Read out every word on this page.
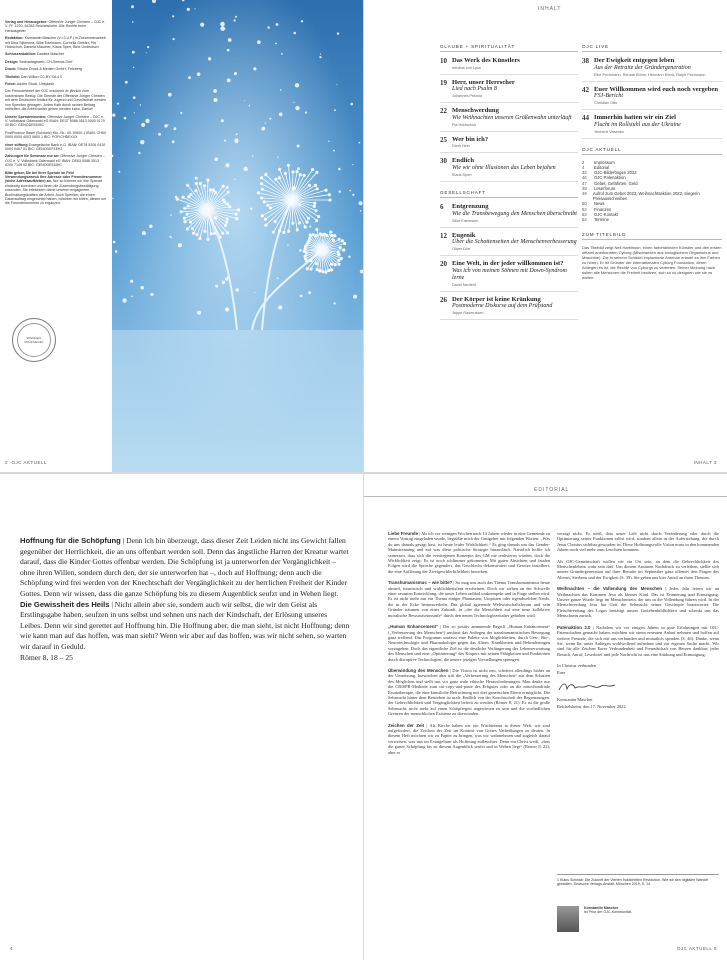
Verlag und Herausgeber: Offensive Junger Christen – OJC e. V. Pf. 1220, 64382 Reichelsheim. Alle Rechte beim Herausgeber

Redaktion: Konstantin Mascher (V.i.S.d.P.) in Zusammenarbeit mit Dina Sijbesma, Silke Edelmann, Cornelia Geister, Pia Holzschuh, Daniela Mascher, Klaus Sperr, Birte Undeutsch

Schlussredaktion: Daniela Mascher

Design: Sechsstageweb, CH-Seewis Dorf

Druck: Strube Druck & Medien GmbH, Felsberg

Titelbild: Dan Wilton CC-BY-SA 4.0

Fotos: Adobe Stock, Unsplash

Der Freundesbrief der OJC erscheint 4x jährlich zum kostenlosen Bezug. Die Dienste der Offensive Junger Christen mit dem Deutschen Institut für Jugend und Gesellschaft werden von Spenden getragen. Jedes Kalb durch seinen Beitrag mithelfen, die Arbeit weiter gehen werden kann. Danke!

Unsere Spendenkonten: Offensive Junger Christen – OJC e. V. Volksbank Odenwald eG IBAN: DE37 5086 3513 0000 0170 00 BIC: GENODE51MIC

PostFinance Basel (Schweiz) Kto.-Nr.: 40-10600-1 IBAN: CH60 0900 0000 4003 0600 1 BIC: POFICHBEXXX

eiser stiftung Evangelische Bank e.G. IBAN: DE78 5206 0410 0004 0467 01 BIC: GENODEF1EK1

Zahlungen für Seminare nur an: Offensive Junger Christen – OJC e. V. Volksbank Odenwald eG IBAN: DE63 5086 3513 0200 7149 92 BIC: GENODE51MIC

Bitte geben Sie bei Ihrer Spende im Feld Verwendungszweck Ihre Adresse oder Freundesnummer (siehe Adressaufkleber) an. Nur so können wir Ihre Spende eindeutig zuordnen und Ihnen die Zuwendungsbestätigung zusenden. Sie erleichtern damit unseren engagierten Buchhaltungskräften die Arbeit. Auch Spender, die einen Dauerauftrag eingerichtet haben, möchten wir bitten, diesen um die Freundesnummer zu ergänzen.

SPENDEN-PRÜFSIEGEL
2 OJC AKTUELL
INHALT
GLAUBE + SPIRITUALITÄT
10 Das Werk des Künstlers
Irenäus von Lyon
19 Herr, unser Herrscher
Lied nach Psalm 8
Johannes Petzold
22 Menschwerdung
Wie Weihnachten unseren Größenwahn unterläuft
Pia Holzschuh
25 Wer bin ich?
Dierk Hein
30 Endlich
Wie wir ohne Illusionen das Leben bejahen
Klaus Sperr
GESELLSCHAFT
6	Entgrenzung
Wie die Transbewegung den Menschen überschreibt
Silke Edelmann
12 Eugenik
Über die Schattenseiten der Menschenverbesserung
Oliver Dürr
20 Eine Welt, in der jeder willkommen ist?
Was ich von meinen Söhnen mit Down-Syndrom lerne
David Neufeld
26 Der Körper ist keine Kränkung
Postmoderne Diskurse auf dem Prüfstand
Jeppe Rasmussen
OJC LIVE
38 Der Ewigkeit entgegen leben
Aus der Retraite der Gründergeneration
Elke Pechmann, Renate Böhm, Hermann Klenk, Ralph Pechmann
42 Euer Willkommen wird euch noch vergeben
FSJ-Bericht
Christian Otto
44 Immerhin hatten wir ein Ziel
Flucht im Rollstuhl aus der Ukraine
Yevhenii Vasenko
OJC AKTUELL
2	Impressum
4	Editorial
32	OJC-Bilderbogen 2022
46	OJC Patenaktion
47	Gebet, Gefährten, Geld
48	Leserforum
49	Aufruf zum Gebet 2023, Weihnachtsaktion 2022, Siegerin Preisausschreiben
50	News
52	Finanzen
53	OJC-Kontakt
54	Termine
ZUM TITELBILD

Das Titelbild zeigt Neil Harbisson, einen farbenblinden Künstler und den ersten offiziell anerkannten Cyborg (Mischwesen aus biologischem Organismus und Maschine). Die in seinem Schädel implantierte Antenne erlaubt es ihm Farben zu hören. Er ist Gründer der internationalen Cyborg Foundation, deren Anliegen es ist, die Rechte von Cyborgs zu vertreten. Seiner Meinung nach sollen alle Menschen die Freiheit besitzen, sich so zu designen wie sie es wollen.

INHALT 3
Hoffnung für die Schöpfung | Denn ich bin überzeugt, dass dieser Zeit Leiden nicht ins Gewicht fallen gegenüber der Herrlichkeit, die an uns offenbart werden soll. Denn das ängstliche Harren der Kreatur wartet darauf, dass die Kinder Gottes offenbar werden. Die Schöpfung ist ja unterworfen der Vergänglichkeit – ohne ihren Willen, sondern durch den, der sie unterworfen hat –, doch auf Hoffnung; denn auch die Schöpfung wird frei werden von der Knechtschaft der Vergänglichkeit zu der herrlichen Freiheit der Kinder Gottes. Denn wir wissen, dass die ganze Schöpfung bis zu diesem Augenblick seufzt und in Wehen liegt. Die Gewissheit des Heils | Nicht allein aber sie, sondern auch wir selbst, die wir den Geist als Erstlingsgabe haben, seufzen in uns selbst und sehnen uns nach der Kindschaft, der Erlösung unseres Leibes. Denn wir sind gerettet auf Hoffnung hin. Die Hoffnung aber, die man sieht, ist nicht Hoffnung; denn wie kann man auf das hoffen, was man sieht? Wenn wir aber auf das hoffen, was wir nicht sehen, so warten wir darauf in Geduld.
Römer 8, 18 – 25
4
EDITORIAL

Liebe Freunde | Als ich vor wenigen Wochen nach 14 Jahren wieder in eine Gemeinde zu einem Vortrag eingeladen wurde, begrüßte mich der Gastgeber mit folgenden Worten: „Was du uns damals gesagt hast, ist heute leider Wirklichkeit.“ Es ging damals um das Gender-Mainstreaming und auf was diese politische Strategie hinausläuft. Natürlich hoffte ich seinerzeit, dass sich die verstiegenen Konzepte des GM nie realisieren würden, doch die Wirklichkeit zeigt: Es ist noch schlimmer gekommen. Mit guten Absichten und fatalen Folgen wird die Sprache gegendert, das Geschlecht dekonstruiert und Gesetze installiert, die eine Auflösung der Zweigeschlechtlichkeit bewirken.

Transhumanismus – wie bitte? | So mag uns auch das Thema Transhumanismus heute absurd, futuristisch und wirklichkeitsfern erscheinen. Doch wir stehen an der Schwelle einer rasanten Entwicklung, die unser Leben radikal umkrempeln und in Frage stellen wird. Es ist nicht mehr nur ein Thema einiger Phantasten, Utopisten oder irgendwelcher Nerds, die in der Ecke herumwerkeln. Das global agierende Weltwirtschaftsforum und sein Gründer träumen von einer Zukunft, in „der die Menschheit auf eine neue kollektive moralische Bewusstseinsstufe“ durch den neuen Technologiezeitalter gehoben wird.

„Human Enhancement“ | Der so positiv anmutende Begriff „Human Enhancement“ („Verbesserung des Menschen“) umfasst das Anliegen der transhumanistischen Bewegung ganz treffend. Das Programm umfasst eine Palette von Möglichkeiten, durch Gen-, Bio-, Neurotechnologie und Pharmakologie gegen das Altern, Krankheiten und Behinderungen vorzugehen. Doch das eigentliche Ziel ist die deutliche Verlängerung der Lebenserwartung des Menschen und eine „Optimierung“ des Körpers mit seinen Fähigkeiten und Funktionen durch disruptive Technologien, die unsere jetzigen Vorstellungen sprengen.

Überwindung des Menschen | Die Vision ist nicht neu, scheitert allerdings bisher an der Umsetzung. Inzwischen aber tritt die „Verbesserung des Menschen“ aus dem Schatten des Möglichen und stellt uns vor ganz reale ethische Herausforderungen. Man denke nur die CRISPR-Methode zum cut-copy-and-paste des Erbgutes oder an die mitochondriale Ersatztherapie, die eine künstliche Befruchtung mit drei genetischen Eltern ermöglicht. Die Sehnsucht hinter dem Bestreben ist uralt: Endlich von der Knechtschaft der Begrenzungen, der Gebrechlichkeit und Vergänglichkeit befreit zu werden (Römer 8, 21). Es ist die große Sehnsucht, nicht mehr auf einen Schöpfergott angewiesen zu sein und die vorfindlichen Grenzen der menschlichen Existenz zu überwinden.

Zeichen der Zeit | Als Kirche haben wir ein Wächteramt in dieser Welt, wir sind aufgefordert, die Zeichen der Zeit im Kontext von Gottes Verheißungen zu deuten. In diesem Heft möchten wir zu Papier zu bringen, was wir wahrnehmen und zugleich darauf verweisen, was uns im Evangelium als Hoffnung aufleuchtet. Denn ein Christ weiß, „dass die ganze Schöpfung bis zu diesem Augenblick seufzt und in Wehen liegt“ (Römer 8, 22), aber er

verzagt nicht. Er weiß, dass unser Leib nicht durch Veränderung oder durch die Optimierung seiner Funktionen erlöst wird, sondern allein in der Auferstehung, die durch Jesus Christus sichtbar geworden ist. Diese Hoffnungsvolle Vision muss in den kommenden Jahren noch viel mehr zum Leuchten kommen.

Als OJC-Gemeinschaft wollen wir ein Ort sein, an dem die Gebrechlichkeit des Menschenlebens wahr sein darf. Um diesem Anstinen Nachdruck zu verleihen, stellte sich unsere Gründergeneration auf ihrer Retraite im September ganz offensiv den Fragen des Alterns, Sterbens und der Ewigkeit (S. 39). Sie geben uns hier Anteil an ihren Themen.

Weihnachten – die Vollendung des Menschen | Jedes Jahr feiern wir an Weihnachten das Kommen Jesu als kleines Kind. Das ist Erinnerung und Ermutigung: Unsere ganze Würde liegt im Menschensein, der uns in die Vollendung führen wird. In der Menschwerdung Jesu hat Gott die Sehnsucht seiner Geschöpfe beantwortet: Die Fleischwerdung des Logos bestätigt unsere Gottebenbildlichkeit und schenkt uns das Menschsein zurück.

Patenaktion 2.0 | Nachdem wir vor einigen Jahren so gute Erfahrungen mit OJC-Patenschaften gemacht haben, möchten wir einen erneuten Anlauf nehmen und hoffen auf weitere Freunde, die sich mit uns verbunden und monatlich spenden (S. 46). Danke, wenn Sie, wenn Ihr unser Anliegen wohlwollend aufnehmt und zur eigenen Sache macht. Wir sind für alle Zeichen Eurer Verbundenheit und Freundschaft von Herzen dankbar; jeder Besuch, Anruf, Leserbrief und jede Nachricht ist uns eine Stärkung und Ermutigung.

In Christus verbunden

Euer

Konstantin Mascher

Reichelsheim, den 17. November 2022

1 Klaus Schwab: Die Zukunft der Vierten Industriellen Revolution. Wie wir den digitalen Wandel gestalten, Deutsche Verlags-Anstalt, München 2019, S. 14.
Konstantin Mascher
ist Prior der OJC-Kommunität.
OJC AKTUELL 5
